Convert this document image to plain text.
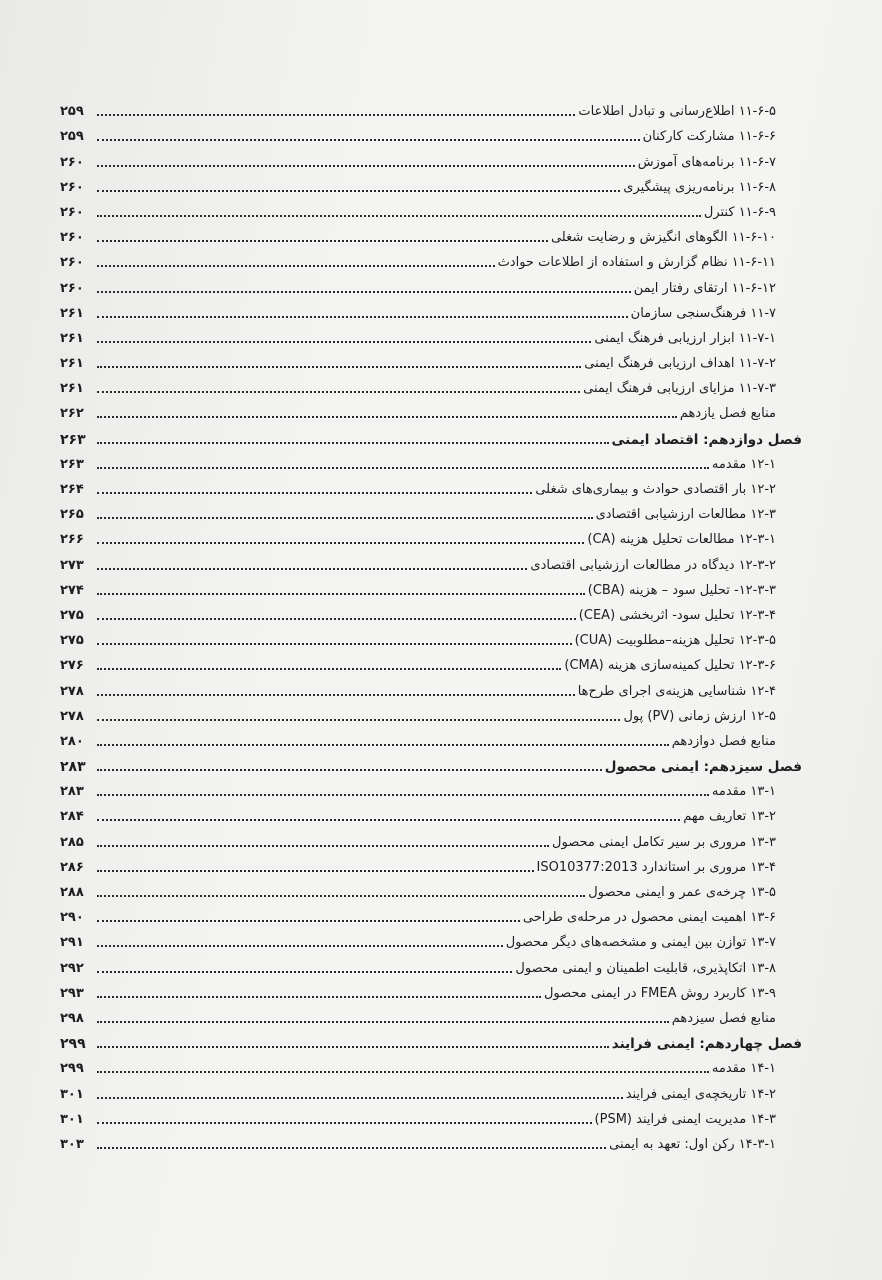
۱۱-۶-۵ اطلاع‌رسانی و تبادل اطلاعات
۲۵۹
۱۱-۶-۶ مشارکت کارکنان
۲۵۹
۱۱-۶-۷ برنامه‌های آموزش
۲۶۰
۱۱-۶-۸ برنامه‌ریزی پیشگیری
۲۶۰
۱۱-۶-۹ کنترل
۲۶۰
۱۱-۶-۱۰ الگوهای انگیزش و رضایت شغلی
۲۶۰
۱۱-۶-۱۱ نظام گزارش و استفاده از اطلاعات حوادث
۲۶۰
۱۱-۶-۱۲ ارتقای رفتار ایمن
۲۶۰
۱۱-۷ فرهنگ‌سنجی سازمان
۲۶۱
۱۱-۷-۱ ابزار ارزیابی فرهنگ ایمنی
۲۶۱
۱۱-۷-۲ اهداف ارزیابی فرهنگ ایمنی
۲۶۱
۱۱-۷-۳ مزایای ارزیابی فرهنگ ایمنی
۲۶۱
منابع فصل یازدهم
۲۶۲
فصل دوازدهم: اقتصاد ایمنی
۲۶۳
۱۲-۱ مقدمه
۲۶۳
۱۲-۲ بار اقتصادی حوادث و بیماری‌های شغلی
۲۶۴
۱۲-۳ مطالعات ارزشیابی اقتصادی
۲۶۵
۱۲-۳-۱ مطالعات تحلیل هزینه (CA)
۲۶۶
۱۲-۳-۲ دیدگاه در مطالعات ارزشیابی اقتصادی
۲۷۳
۱۲-۳-۳- تحلیل سود – هزینه (CBA)
۲۷۴
۱۲-۳-۴ تحلیل سود- اثربخشی (CEA)
۲۷۵
۱۲-۳-۵ تحلیل هزینه–مطلوبیت (CUA)
۲۷۵
۱۲-۳-۶ تحلیل کمینه‌سازی هزینه (CMA)
۲۷۶
۱۲-۴ شناسایی هزینه‌ی اجرای طرح‌ها
۲۷۸
۱۲-۵ ارزش زمانی (PV) پول
۲۷۸
منابع فصل دوازدهم
۲۸۰
فصل سیزدهم: ایمنی محصول
۲۸۳
۱۳-۱ مقدمه
۲۸۳
۱۳-۲ تعاریف مهم
۲۸۴
۱۳-۳ مروری بر سیر تکامل ایمنی محصول
۲۸۵
۱۳-۴ مروری بر استاندارد ISO10377:2013
۲۸۶
۱۳-۵ چرخه‌ی عمر و ایمنی محصول
۲۸۸
۱۳-۶ اهمیت ایمنی محصول در مرحله‌ی طراحی
۲۹۰
۱۳-۷ توازن بین ایمنی و مشخصه‌های دیگر محصول
۲۹۱
۱۳-۸ اتکاپذیری، قابلیت اطمینان و ایمنی محصول
۲۹۲
۱۳-۹ کاربرد روش FMEA در ایمنی محصول
۲۹۳
منابع فصل سیزدهم
۲۹۸
فصل چهاردهم: ایمنی فرایند
۲۹۹
۱۴-۱ مقدمه
۲۹۹
۱۴-۲ تاریخچه‌ی ایمنی فرایند
۳۰۱
۱۴-۳ مدیریت ایمنی فرایند (PSM)
۳۰۱
۱۴-۳-۱ رکن اول: تعهد به ایمنی
۳۰۳
